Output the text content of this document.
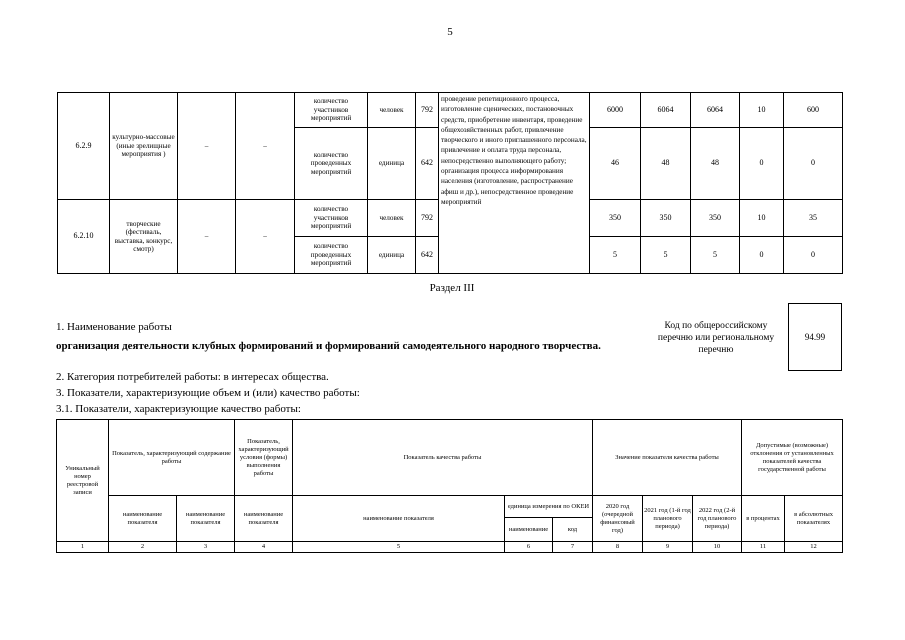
5
6.2.9	культурно-массовые (иные зрелищные мероприятия )	–	–	количество участников мероприятий	человек	792	проведение репетиционного процесса, изготовление сценических, постановочных средств, приобретение инвентаря, проведение общехозяйственных работ, привлечение творческого и иного приглашенного персонала, привлечение и оплата труда персонала, непосредственно выполняющего работу; организация процесса информирования населения (изготовление, распространение афиш и др.), непосредственное проведение мероприятий	6000	6064	6064	10	600
				количество проведенных мероприятий	единица	642		46	48	48	0	0
6.2.10	творческие (фестиваль, выставка, конкурс, смотр)	–	–	количество участников мероприятий	человек	792		350	350	350	10	35
				количество проведенных мероприятий	единица	642		5	5	5	0	0
Раздел III
1. Наименование работы
организация деятельности клубных формирований и формирований самодеятельного народного творчества.
2. Категория потребителей работы: в интересах общества.
3. Показатели, характеризующие объем и (или) качество работы:
3.1. Показатели, характеризующие качество работы:
Код по общероссийскому перечню или региональному перечню
94.99
Уникальный номер реестровой записи	Показатель, характеризующий содержание работы		Показатель, характеризующий условия (формы) выполнения работы	Показатель качества работы			Значение показателя качества работы			Допустимые (возможные) отклонения от установленных показателей качества государственной работы	
	наименование показателя	наименование показателя	наименование показателя	наименование показателя	единица измерения по ОКЕИ		2020 год (очередной финансовый год)	2021 год (1-й год планового периода)	2022 год (2-й год планового периода)	в процентах	в абсолютных показателях
					наименование	код					
1	2	3	4	5	6	7	8	9	10	11	12
